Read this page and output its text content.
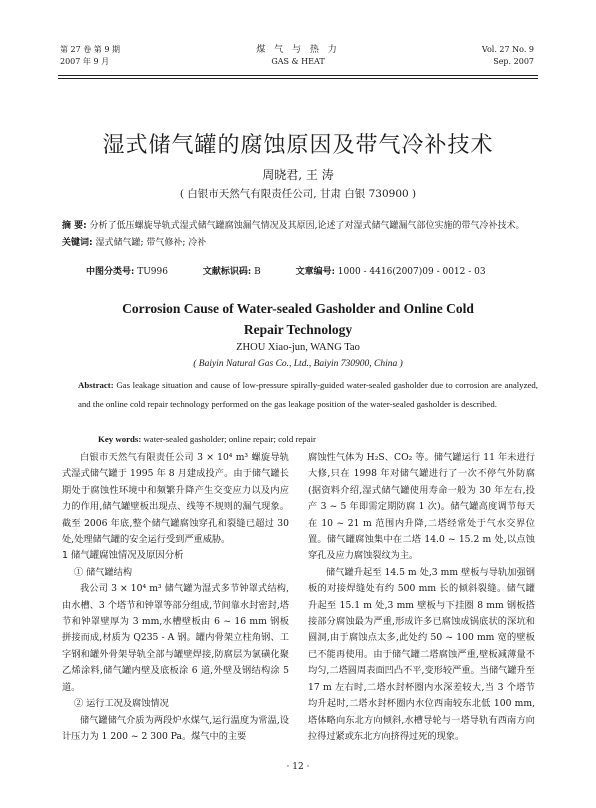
第 27 卷 第 9 期
2007 年 9 月
煤 气 与 热 力
GAS & HEAT
Vol. 27 No. 9
Sep. 2007
湿式储气罐的腐蚀原因及带气冷补技术
周晓君, 王 涛
( 白银市天然气有限责任公司, 甘肃 白银 730900 )
摘 要: 分析了低压螺旋导轨式湿式储气罐腐蚀漏气情况及其原因,论述了对湿式储气罐漏气部位实施的带气冷补技术。
关键词: 湿式储气罐; 带气修补; 冷补
中图分类号: TU996	文献标识码: B	文章编号: 1000 - 4416(2007)09 - 0012 - 03
Corrosion Cause of Water-sealed Gasholder and Online Cold
Repair Technology
ZHOU Xiao-jun, WANG Tao
( Baiyin Natural Gas Co., Ltd., Baiyin 730900, China )
Abstract: Gas leakage situation and cause of low-pressure spirally-guided water-sealed gasholder due to corrosion are analyzed, and the online cold repair technology performed on the gas leakage position of the water-sealed gasholder is described.
Key words: water-sealed gasholder; online repair; cold repair

白银市天然气有限责任公司 3 × 10⁴ m³ 螺旋导轨式湿式储气罐于 1995 年 8 月建成投产。由于储气罐长期处于腐蚀性环境中和频繁升降产生交变应力以及内应力的作用,储气罐壁板出现点、线等不规则的漏气现象。截至 2006 年底,整个储气罐腐蚀穿孔和裂缝已超过 30 处,处理储气罐的安全运行受到严重威胁。

1 储气罐腐蚀情况及原因分析

① 储气罐结构

我公司 3 × 10⁴ m³ 储气罐为湿式多节钟罩式结构,由水槽、3 个塔节和钟罩等部分组成,节间靠水封密封,塔节和钟罩壁厚为 3 mm,水槽壁板由 6 ~ 16 mm 钢板拼接而成,材质为 Q235 - A 钢。罐内骨架立柱角钢、工字钢和罐外骨架导轨全部与罐壁焊接,防腐层为氯磺化聚乙烯涂料,储气罐内壁及底板涂 6 道,外壁及钢结构涂 5 道。

② 运行工况及腐蚀情况

储气罐储气介质为两段炉水煤气,运行温度为常温,设计压力为 1 200 ~ 2 300 Pa。煤气中的主要

腐蚀性气体为 H₂S、CO₂ 等。储气罐运行 11 年未进行大修,只在 1998 年对储气罐进行了一次不停气外防腐(据资料介绍,湿式储气罐使用寿命一般为 30 年左右,投产 3 ~ 5 年即需定期防腐 1 次)。储气罐高度调节每天在 10 ~ 21 m 范围内升降,二塔经常处于气水交界位置。储气罐腐蚀集中在二塔 14.0 ~ 15.2 m 处,以点蚀穿孔及应力腐蚀裂纹为主。

储气罐升起至 14.5 m 处,3 mm 壁板与导轨加强钢板的对接焊缝处有约 500 mm 长的倾斜裂缝。储气罐升起至 15.1 m 处,3 mm 壁板与下挂圈 8 mm 钢板搭接部分腐蚀最为严重,形成许多已腐蚀成锅底状的深坑和圆洞,由于腐蚀点太多,此处约 50 ~ 100 mm 宽的壁板已不能再使用。由于储气罐二塔腐蚀严重,壁板减薄量不均匀,二塔圆周表面凹凸不平,变形较严重。当储气罐升至 17 m 左右时,二塔水封杯圈内水深差较大,当 3 个塔节均升起时,二塔水封杯圈内水位西南较东北低 100 mm,塔体略向东北方向倾斜,水槽导轮与一塔导轨有西南方向拉得过紧或东北方向挤得过死的现象。

· 12 ·
